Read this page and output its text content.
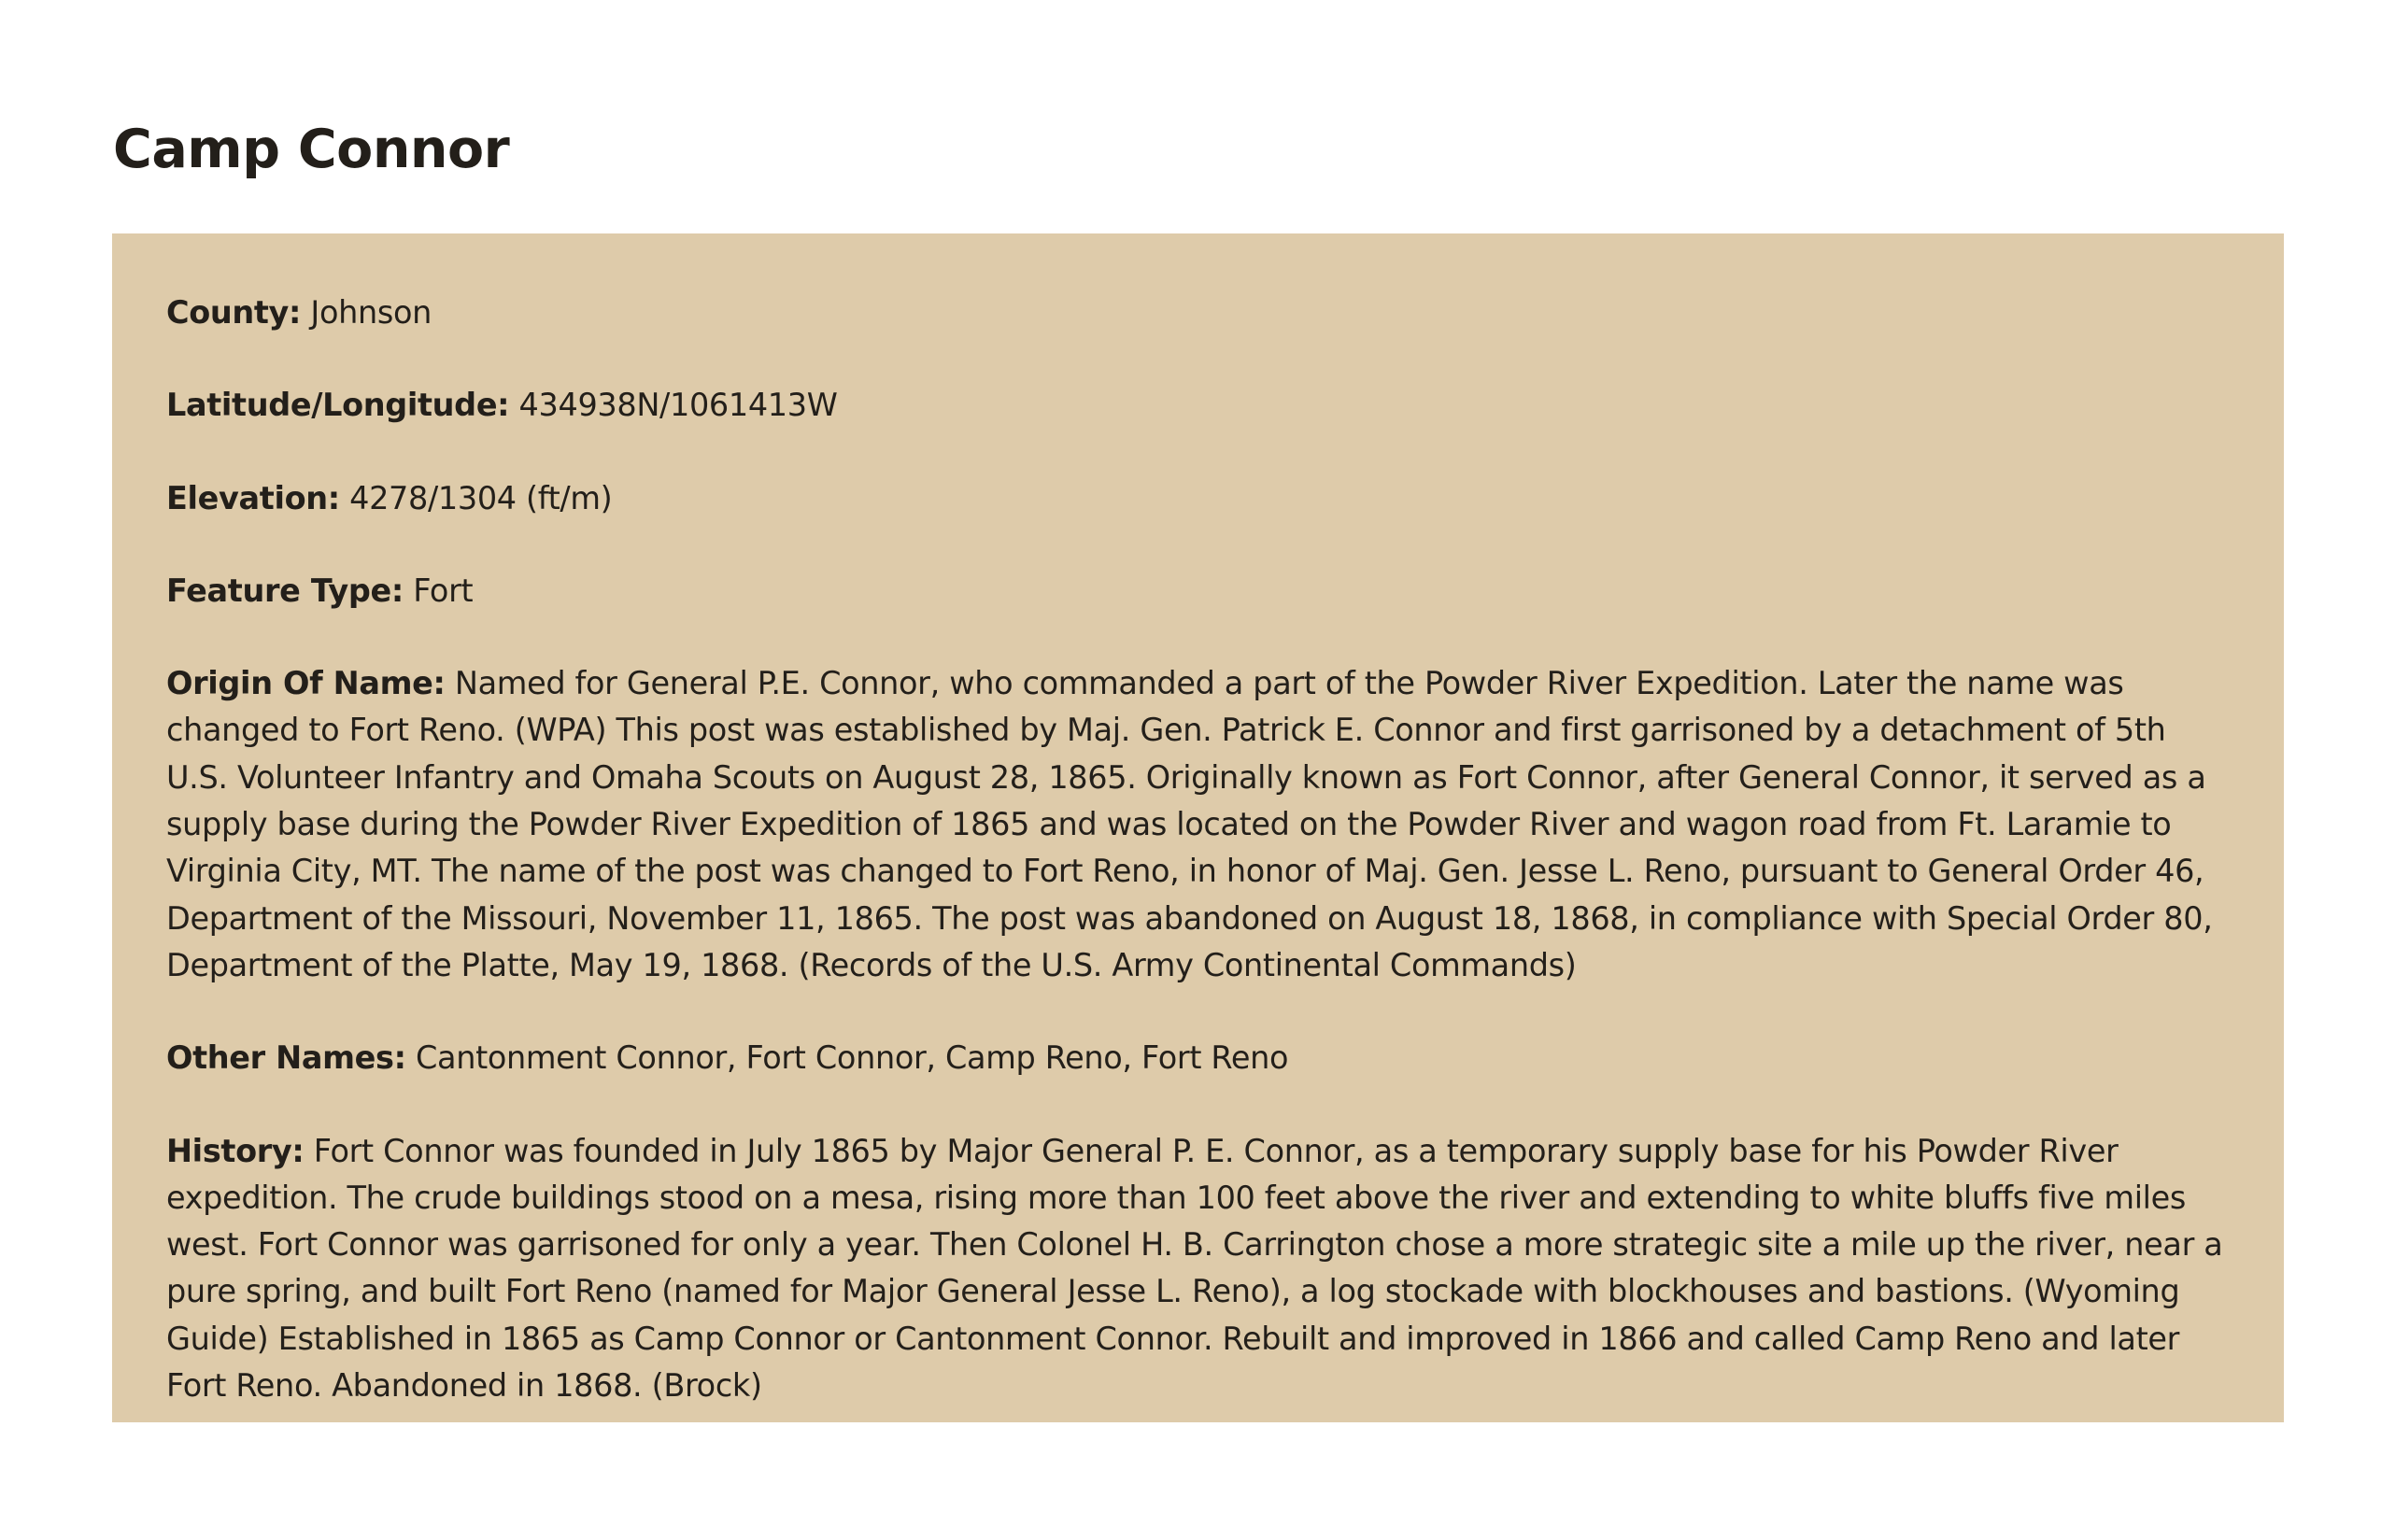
Camp Connor

County: Johnson

Latitude/Longitude: 434938N/1061413W

Elevation: 4278/1304 (ft/m)

Feature Type: Fort

Origin Of Name: Named for General P.E. Connor, who commanded a part of the Powder River Expedition. Later the name was changed to Fort Reno. (WPA) This post was established by Maj. Gen. Patrick E. Connor and first garrisoned by a detachment of 5th U.S. Volunteer Infantry and Omaha Scouts on August 28, 1865. Originally known as Fort Connor, after General Connor, it served as a supply base during the Powder River Expedition of 1865 and was located on the Powder River and wagon road from Ft. Laramie to Virginia City, MT. The name of the post was changed to Fort Reno, in honor of Maj. Gen. Jesse L. Reno, pursuant to General Order 46, Department of the Missouri, November 11, 1865. The post was abandoned on August 18, 1868, in compliance with Special Order 80, Department of the Platte, May 19, 1868. (Records of the U.S. Army Continental Commands)

Other Names: Cantonment Connor, Fort Connor, Camp Reno, Fort Reno

History: Fort Connor was founded in July 1865 by Major General P. E. Connor, as a temporary supply base for his Powder River expedition. The crude buildings stood on a mesa, rising more than 100 feet above the river and extending to white bluffs five miles west. Fort Connor was garrisoned for only a year. Then Colonel H. B. Carrington chose a more strategic site a mile up the river, near a pure spring, and built Fort Reno (named for Major General Jesse L. Reno), a log stockade with blockhouses and bastions. (Wyoming Guide) Established in 1865 as Camp Connor or Cantonment Connor. Rebuilt and improved in 1866 and called Camp Reno and later Fort Reno. Abandoned in 1868. (Brock)
